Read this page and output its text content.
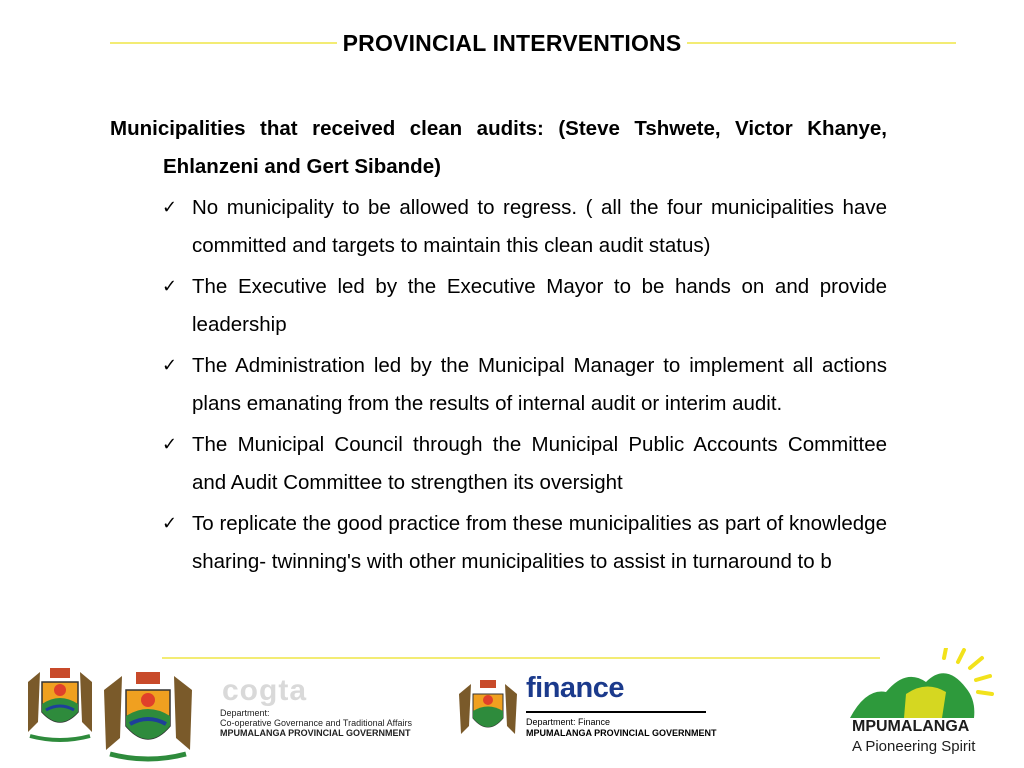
PROVINCIAL INTERVENTIONS

Municipalities that received clean audits: (Steve Tshwete, Victor Khanye, Ehlanzeni and Gert Sibande)

✓ No municipality to be allowed to regress. ( all the four municipalities have committed and targets to maintain this clean audit status)
✓ The Executive led by the Executive Mayor to be hands on and provide leadership
✓ The Administration led by the Municipal Manager to implement all actions plans emanating from the results of internal audit or interim audit.
✓ The Municipal Council through the Municipal Public Accounts Committee and Audit Committee to strengthen its oversight
✓ To replicate the good practice from these municipalities as part of knowledge sharing- twinning's with other municipalities to assist in turnaround to b
cogta
Department:
Co-operative Governance and Traditional Affairs
MPUMALANGA PROVINCIAL GOVERNMENT
finance
Department: Finance
MPUMALANGA PROVINCIAL GOVERNMENT	MPUMALANGA
A Pioneering Spirit
